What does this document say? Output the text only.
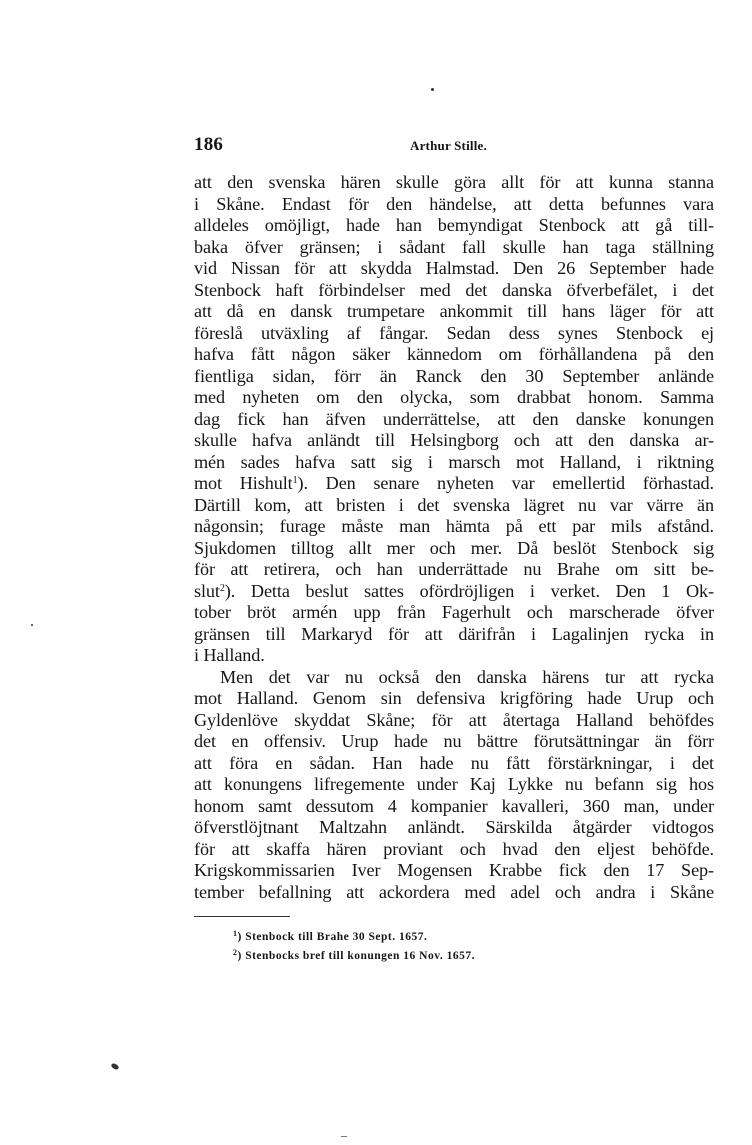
186	Arthur Stille.
att den svenska hären skulle göra allt för att kunna stanna
i Skåne. Endast för den händelse, att detta befunnes vara
alldeles omöjligt, hade han bemyndigat Stenbock att gå till-
baka öfver gränsen; i sådant fall skulle han taga ställning
vid Nissan för att skydda Halmstad. Den 26 September hade
Stenbock haft förbindelser med det danska öfverbefälet, i det
att då en dansk trumpetare ankommit till hans läger för att
föreslå utväxling af fångar. Sedan dess synes Stenbock ej
hafva fått någon säker kännedom om förhållandena på den
fientliga sidan, förr än Ranck den 30 September anlände
med nyheten om den olycka, som drabbat honom. Samma
dag fick han äfven underrättelse, att den danske konungen
skulle hafva anländt till Helsingborg och att den danska ar-
mén sades hafva satt sig i marsch mot Halland, i riktning
mot Hishult$^1$). Den senare nyheten var emellertid förhastad.
Därtill kom, att bristen i det svenska lägret nu var värre än
någonsin; furage måste man hämta på ett par mils afstånd.
Sjukdomen tilltog allt mer och mer. Då beslöt Stenbock sig
för att retirera, och han underrättade nu Brahe om sitt be-
slut$^2$). Detta beslut sattes ofördröjligen i verket. Den 1 Ok-
tober bröt armén upp från Fagerhult och marscherade öfver
gränsen till Markaryd för att därifrån i Lagalinjen rycka in
i Halland.
Men det var nu också den danska härens tur att rycka
mot Halland. Genom sin defensiva krigföring hade Urup och
Gyldenlöve skyddat Skåne; för att återtaga Halland behöfdes
det en offensiv. Urup hade nu bättre förutsättningar än förr
att föra en sådan. Han hade nu fått förstärkningar, i det
att konungens lifregemente under Kaj Lykke nu befann sig hos
honom samt dessutom 4 kompanier kavalleri, 360 man, under
öfverstlöjtnant Maltzahn anländt. Särskilda åtgärder vidtogos
för att skaffa hären proviant och hvad den eljest behöfde.
Krigskommissarien Iver Mogensen Krabbe fick den 17 Sep-
tember befallning att ackordera med adel och andra i Skåne
$^1$) Stenbock till Brahe 30 Sept. 1657.
$^2$) Stenbocks bref till konungen 16 Nov. 1657.
